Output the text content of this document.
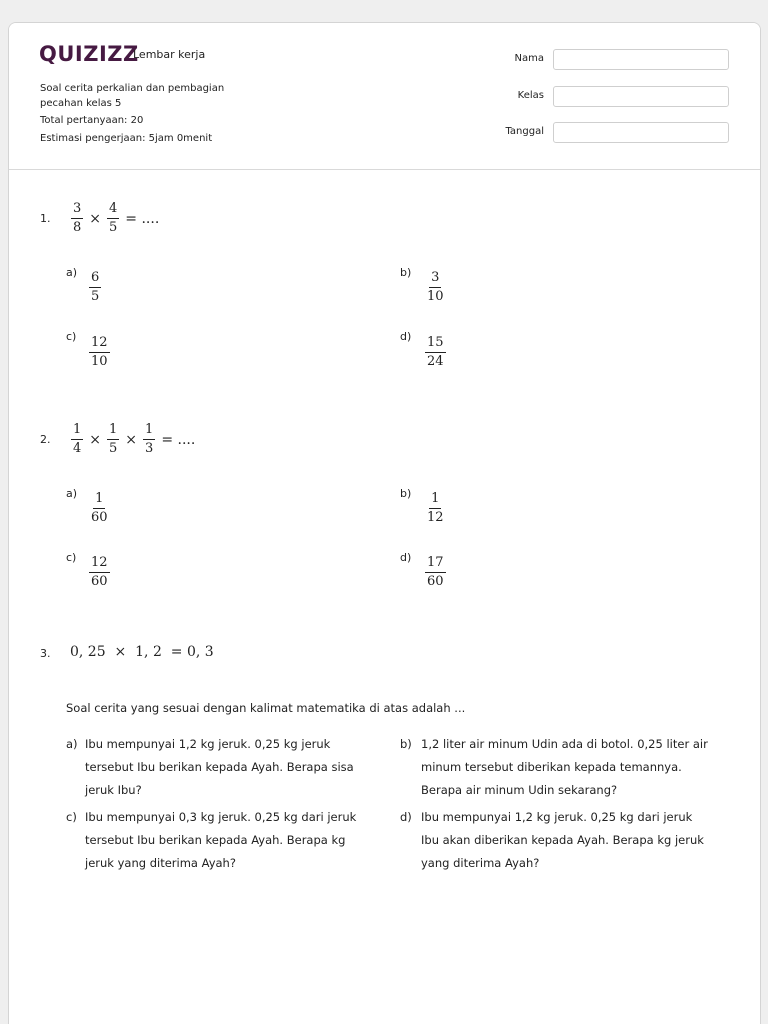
QUIZIZZ
Lembar kerja
Soal cerita perkalian dan pembagian
pecahan kelas 5
Total pertanyaan: 20
Estimasi pengerjaan: 5jam 0menit
Nama
Kelas
Tanggal
1. $\frac{3}{8} \times \frac{4}{5}$ = ....
$a) \frac{6}{5}$	$b) \frac{3}{10}$
$c) \frac{12}{10}$	$d) \frac{15}{24}$
2. $\frac{1}{4} \times \frac{1}{5} \times \frac{1}{3}$ = ....
$a) \frac{1}{60}$	$b) \frac{1}{12}$
$c) \frac{12}{60}$	$d) \frac{17}{60}$
3. 0, 25  ×  1, 2  = 0, 3
Soal cerita yang sesuai dengan kalimat matematika di atas adalah ...
a) Ibu mempunyai 1,2 kg jeruk. 0,25 kg jeruk
tersebut Ibu berikan kepada Ayah. Berapa sisa
jeruk Ibu?
b) 1,2 liter air minum Udin ada di botol. 0,25 liter air
minum tersebut diberikan kepada temannya.
Berapa air minum Udin sekarang?
c) Ibu mempunyai 0,3 kg jeruk. 0,25 kg dari jeruk
tersebut Ibu berikan kepada Ayah. Berapa kg
jeruk yang diterima Ayah?
d) Ibu mempunyai 1,2 kg jeruk. 0,25 kg dari jeruk
Ibu akan diberikan kepada Ayah. Berapa kg jeruk
yang diterima Ayah?
